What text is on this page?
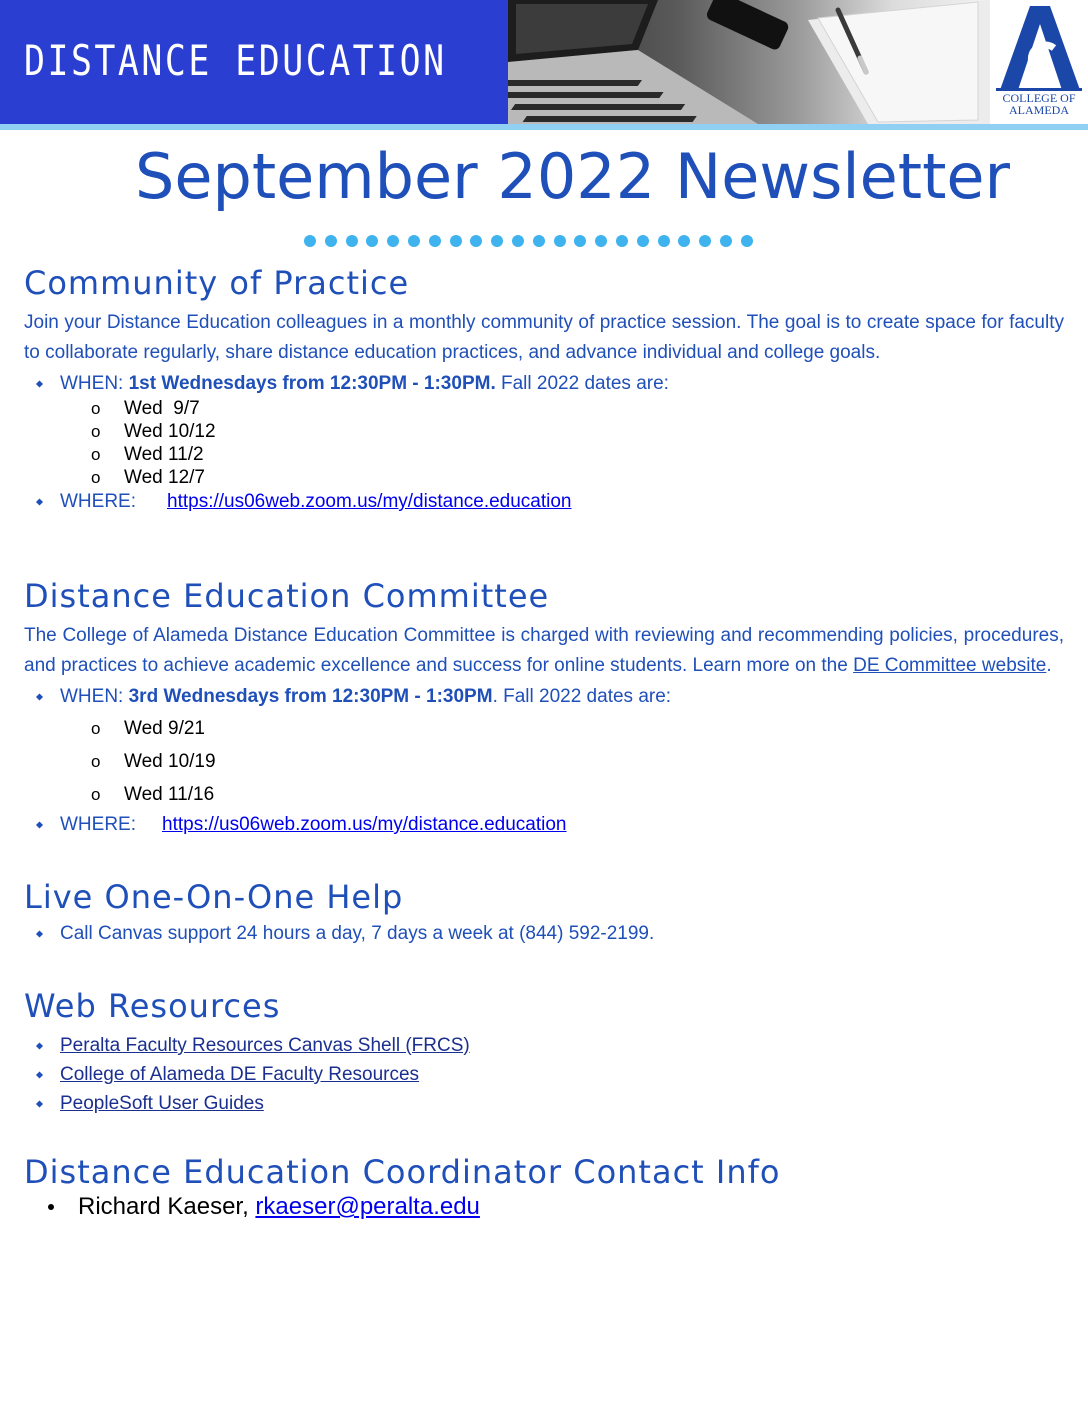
DISTANCE EDUCATION
COLLEGE OF
ALAMEDA
September 2022 Newsletter
Community of Practice

Join your Distance Education colleagues in a monthly community of practice session. The goal is to create space for faculty to collaborate regularly, share distance education practices, and advance individual and college goals.

WHEN: 1st Wednesdays from 12:30PM - 1:30PM. Fall 2022 dates are:
o Wed  9/7
o Wed 10/12
o Wed 11/2
o Wed 12/7
WHERE: https://us06web.zoom.us/my/distance.education
Distance Education Committee

The College of Alameda Distance Education Committee is charged with reviewing and recommending policies, procedures, and practices to achieve academic excellence and success for online students. Learn more on the DE Committee website.

WHEN: 3rd Wednesdays from 12:30PM - 1:30PM. Fall 2022 dates are:
o Wed 9/21
o Wed 10/19
o Wed 11/16
WHERE: https://us06web.zoom.us/my/distance.education
Live One-On-One Help
Call Canvas support 24 hours a day, 7 days a week at (844) 592-2199.
Web Resources
Peralta Faculty Resources Canvas Shell (FRCS)
College of Alameda DE Faculty Resources
PeopleSoft User Guides
Distance Education Coordinator Contact Info
Richard Kaeser, rkaeser@peralta.edu
